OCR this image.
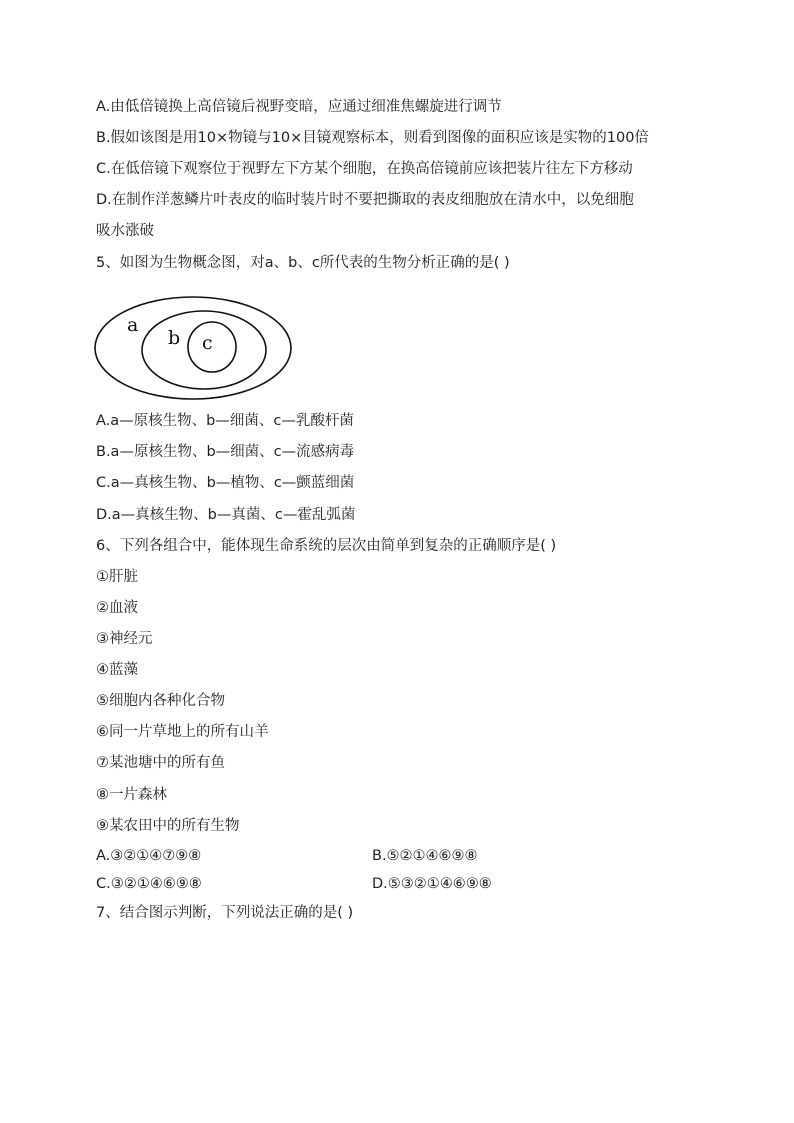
A.由低倍镜换上高倍镜后视野变暗，应通过细准焦螺旋进行调节
B.假如该图是用10×物镜与10×目镜观察标本，则看到图像的面积应该是实物的100倍
C.在低倍镜下观察位于视野左下方某个细胞，在换高倍镜前应该把装片往左下方移动
D.在制作洋葱鳞片叶表皮的临时装片时不要把撕取的表皮细胞放在清水中，以免细胞
吸水涨破
5、如图为生物概念图，对a、b、c所代表的生物分析正确的是( )
a
b c
A.a—原核生物、b—细菌、c—乳酸杆菌
B.a—原核生物、b—细菌、c—流感病毒
C.a—真核生物、b—植物、c—颤蓝细菌
D.a—真核生物、b—真菌、c—霍乱弧菌
6、下列各组合中，能体现生命系统的层次由简单到复杂的正确顺序是( )
①肝脏
②血液
③神经元
④蓝藻
⑤细胞内各种化合物
⑥同一片草地上的所有山羊
⑦某池塘中的所有鱼
⑧一片森林
⑨某农田中的所有生物
A.③②①④⑦⑨⑧	B.⑤②①④⑥⑨⑧
C.③②①④⑥⑨⑧	D.⑤③②①④⑥⑨⑧
7、结合图示判断，下列说法正确的是( )
